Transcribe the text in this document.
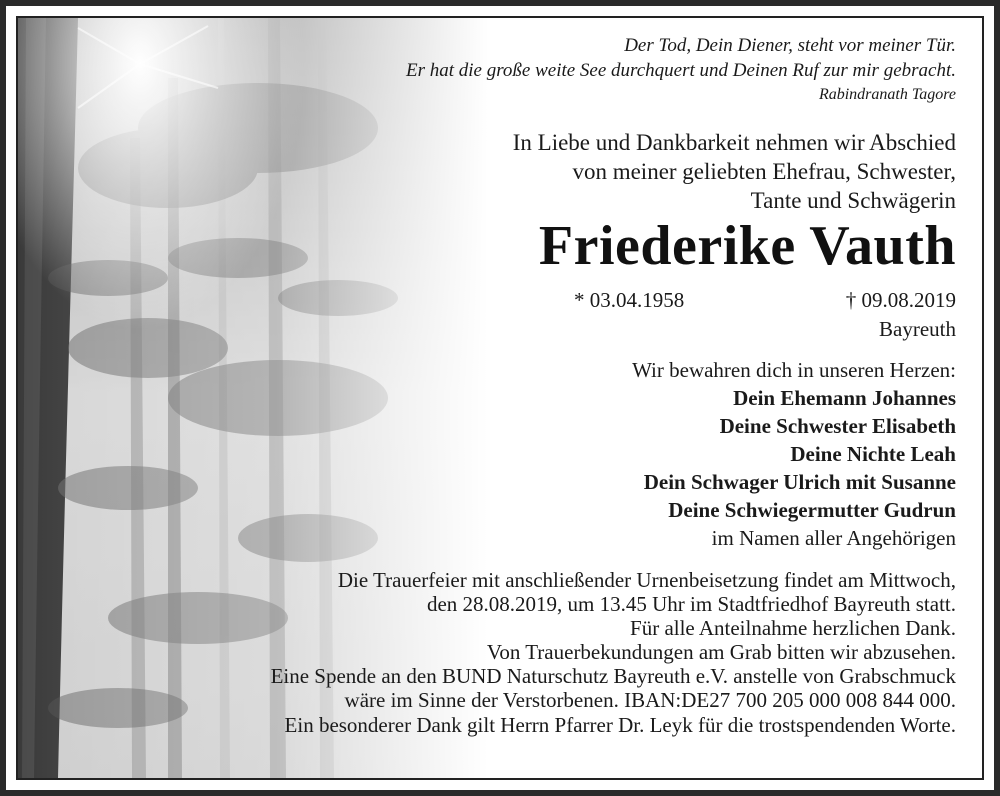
Der Tod, Dein Diener, steht vor meiner Tür.
Er hat die große weite See durchquert und Deinen Ruf zur mir gebracht.
Rabindranath Tagore
In Liebe und Dankbarkeit nehmen wir Abschied
von meiner geliebten Ehefrau, Schwester,
Tante und Schwägerin
Friederike Vauth
* 03.04.1958	† 09.08.2019
Bayreuth
Wir bewahren dich in unseren Herzen:
Dein Ehemann Johannes
Deine Schwester Elisabeth
Deine Nichte Leah
Dein Schwager Ulrich mit Susanne
Deine Schwiegermutter Gudrun
im Namen aller Angehörigen
Die Trauerfeier mit anschließender Urnenbeisetzung findet am Mittwoch,
den 28.08.2019, um 13.45 Uhr im Stadtfriedhof Bayreuth statt.
Für alle Anteilnahme herzlichen Dank.
Von Trauerbekundungen am Grab bitten wir abzusehen.
Eine Spende an den BUND Naturschutz Bayreuth e.V. anstelle von Grabschmuck
wäre im Sinne der Verstorbenen. IBAN:DE27 700 205 000 008 844 000.
Ein besonderer Dank gilt Herrn Pfarrer Dr. Leyk für die trostspendenden Worte.
